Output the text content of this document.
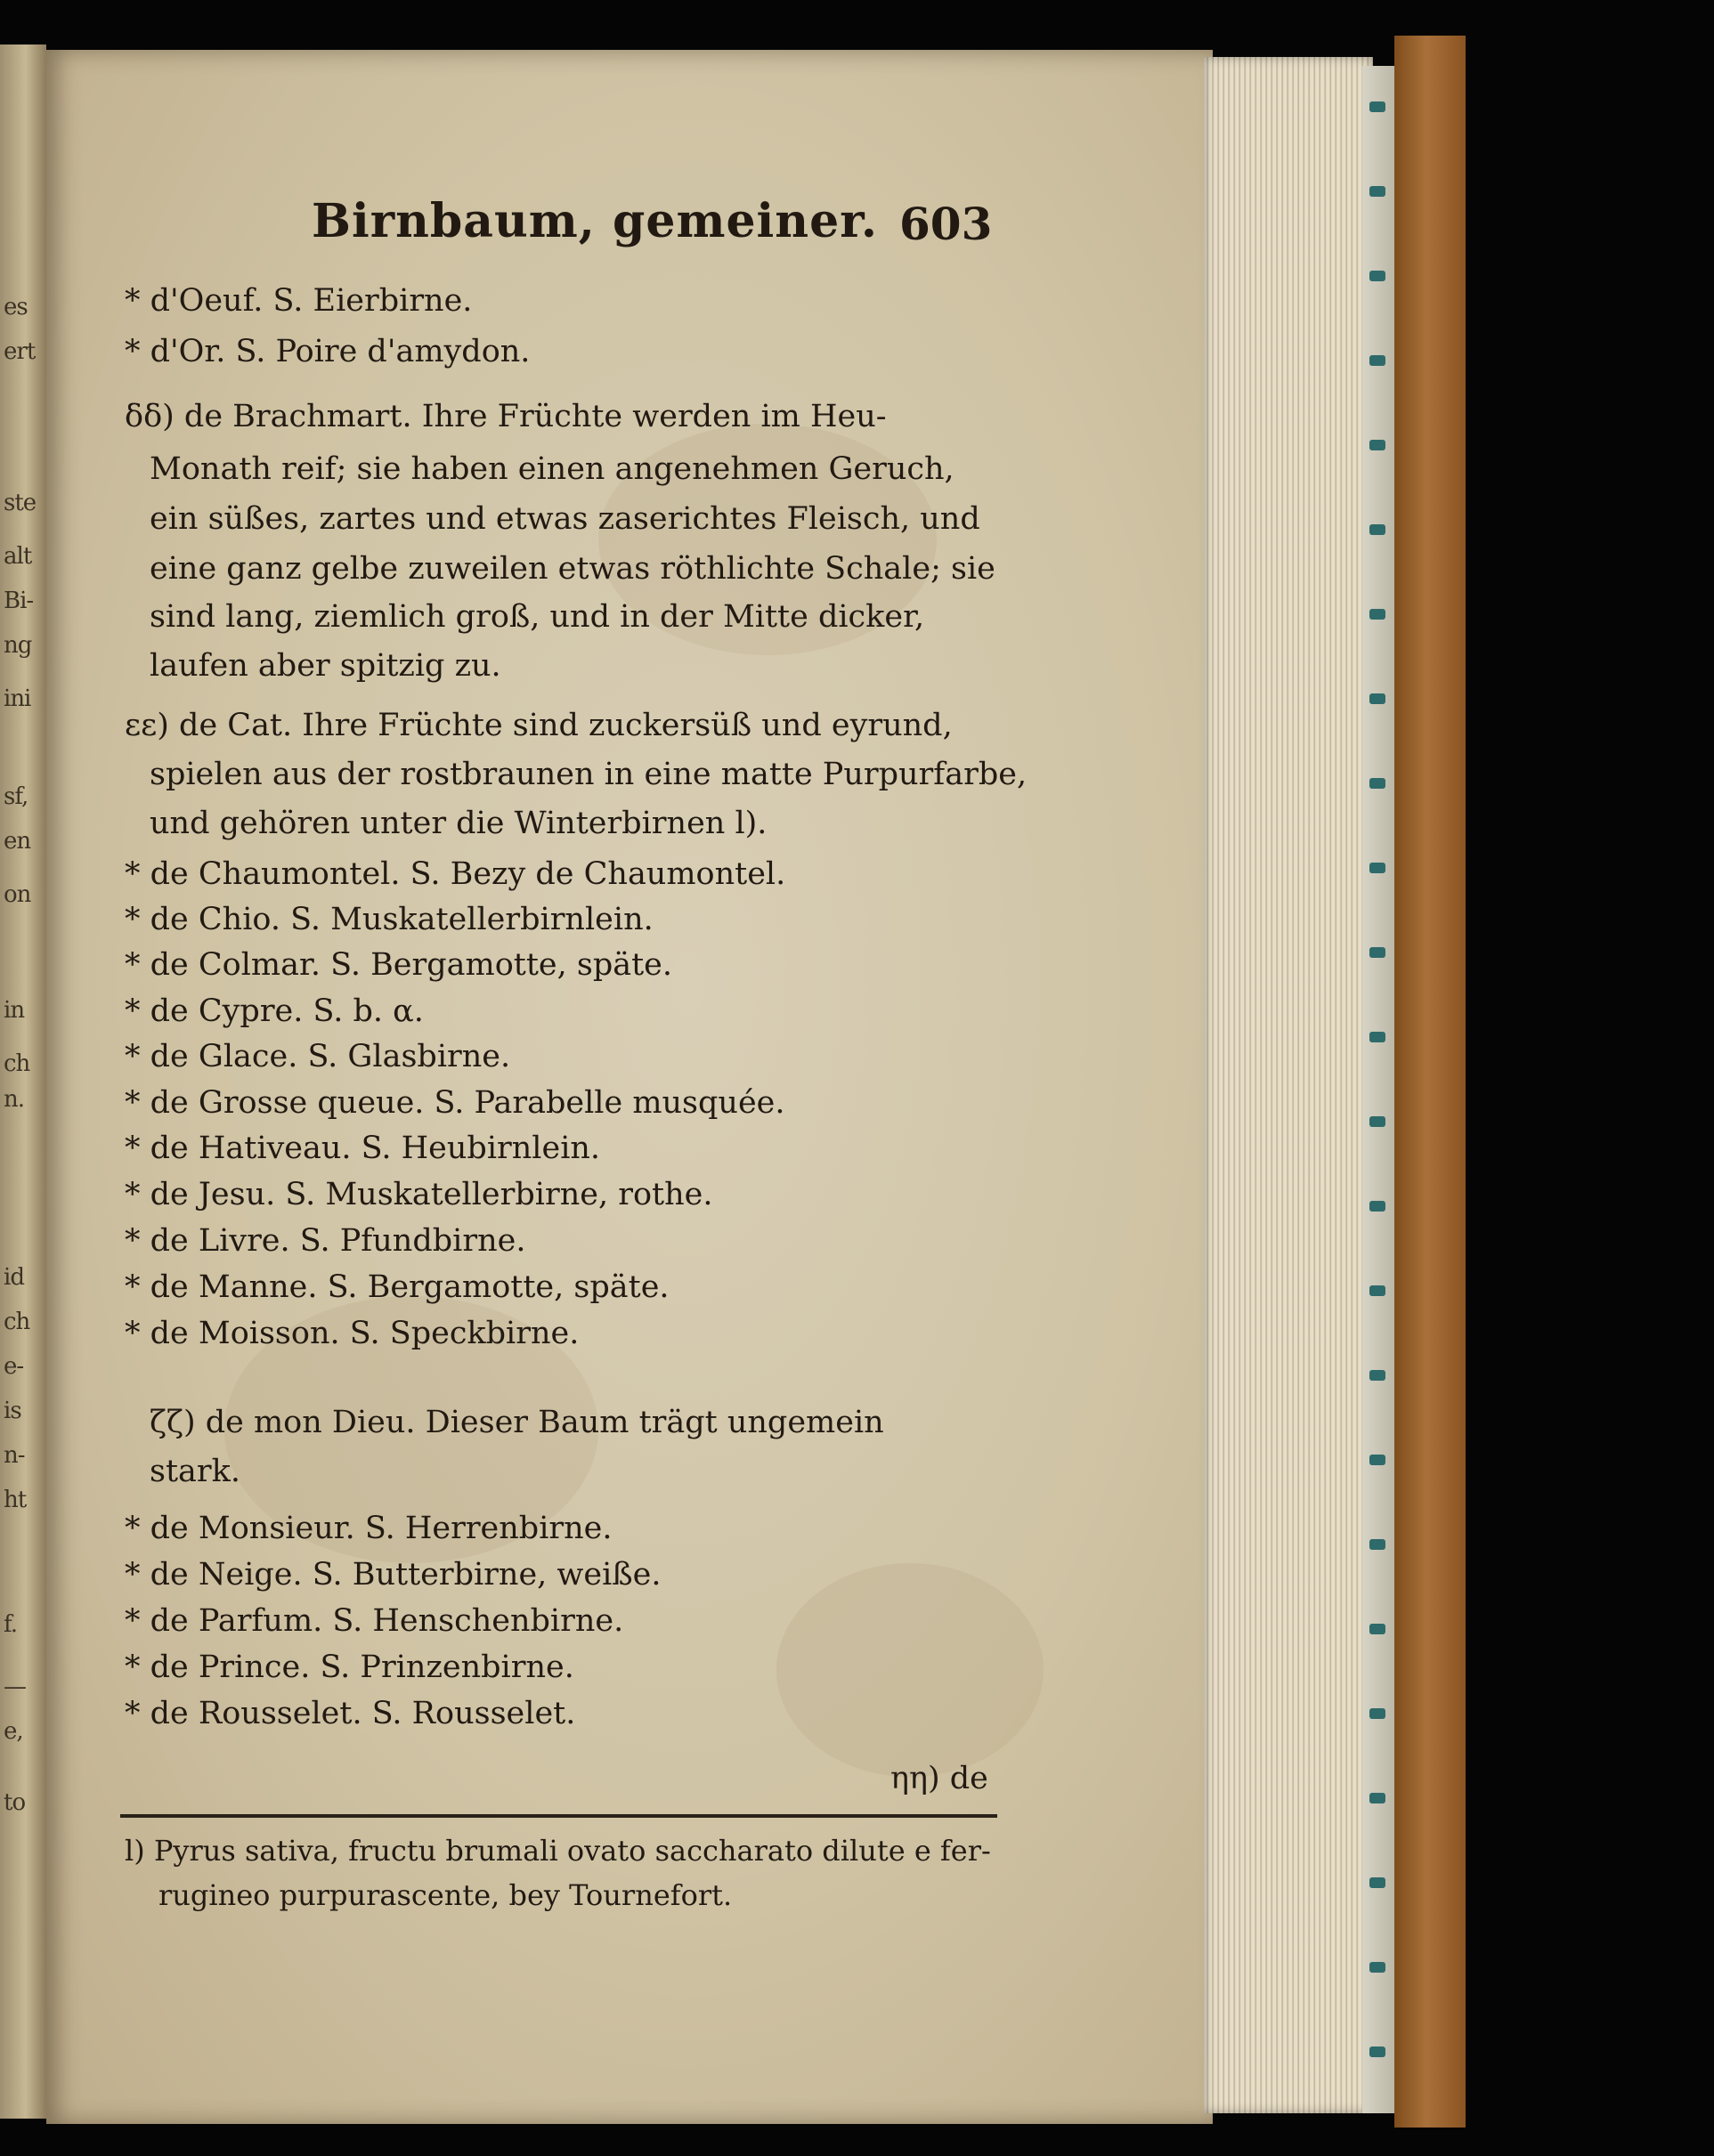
es
ert
ste
alt
Bi-
ng
ini
sf,
en
on
in
ch
n.
id
ch
e-
is
n-
ht
f.
—
e,
to
Birnbaum, gemeiner. 603
* d'Oeuf. S. Eierbirne.
* d'Or. S. Poire d'amydon.
δδ) de Brachmart. Ihre Früchte werden im Heu-
Monath reif; sie haben einen angenehmen Geruch,
ein süßes, zartes und etwas zaserichtes Fleisch, und
eine ganz gelbe zuweilen etwas röthlichte Schale; sie
sind lang, ziemlich groß, und in der Mitte dicker,
laufen aber spitzig zu.
εε) de Cat. Ihre Früchte sind zuckersüß und eyrund,
spielen aus der rostbraunen in eine matte Purpurfarbe,
und gehören unter die Winterbirnen l).
* de Chaumontel. S. Bezy de Chaumontel.
* de Chio. S. Muskatellerbirnlein.
* de Colmar. S. Bergamotte, späte.
* de Cypre. S. b. α.
* de Glace. S. Glasbirne.
* de Grosse queue. S. Parabelle musquée.
* de Hativeau. S. Heubirnlein.
* de Jesu. S. Muskatellerbirne, rothe.
* de Livre. S. Pfundbirne.
* de Manne. S. Bergamotte, späte.
* de Moisson. S. Speckbirne.
ζζ) de mon Dieu. Dieser Baum trägt ungemein
stark.
* de Monsieur. S. Herrenbirne.
* de Neige. S. Butterbirne, weiße.
* de Parfum. S. Henschenbirne.
* de Prince. S. Prinzenbirne.
* de Rousselet. S. Rousselet.
ηη) de
l) Pyrus sativa, fructu brumali ovato saccharato dilute e fer-
rugineo purpurascente, bey Tournefort.
